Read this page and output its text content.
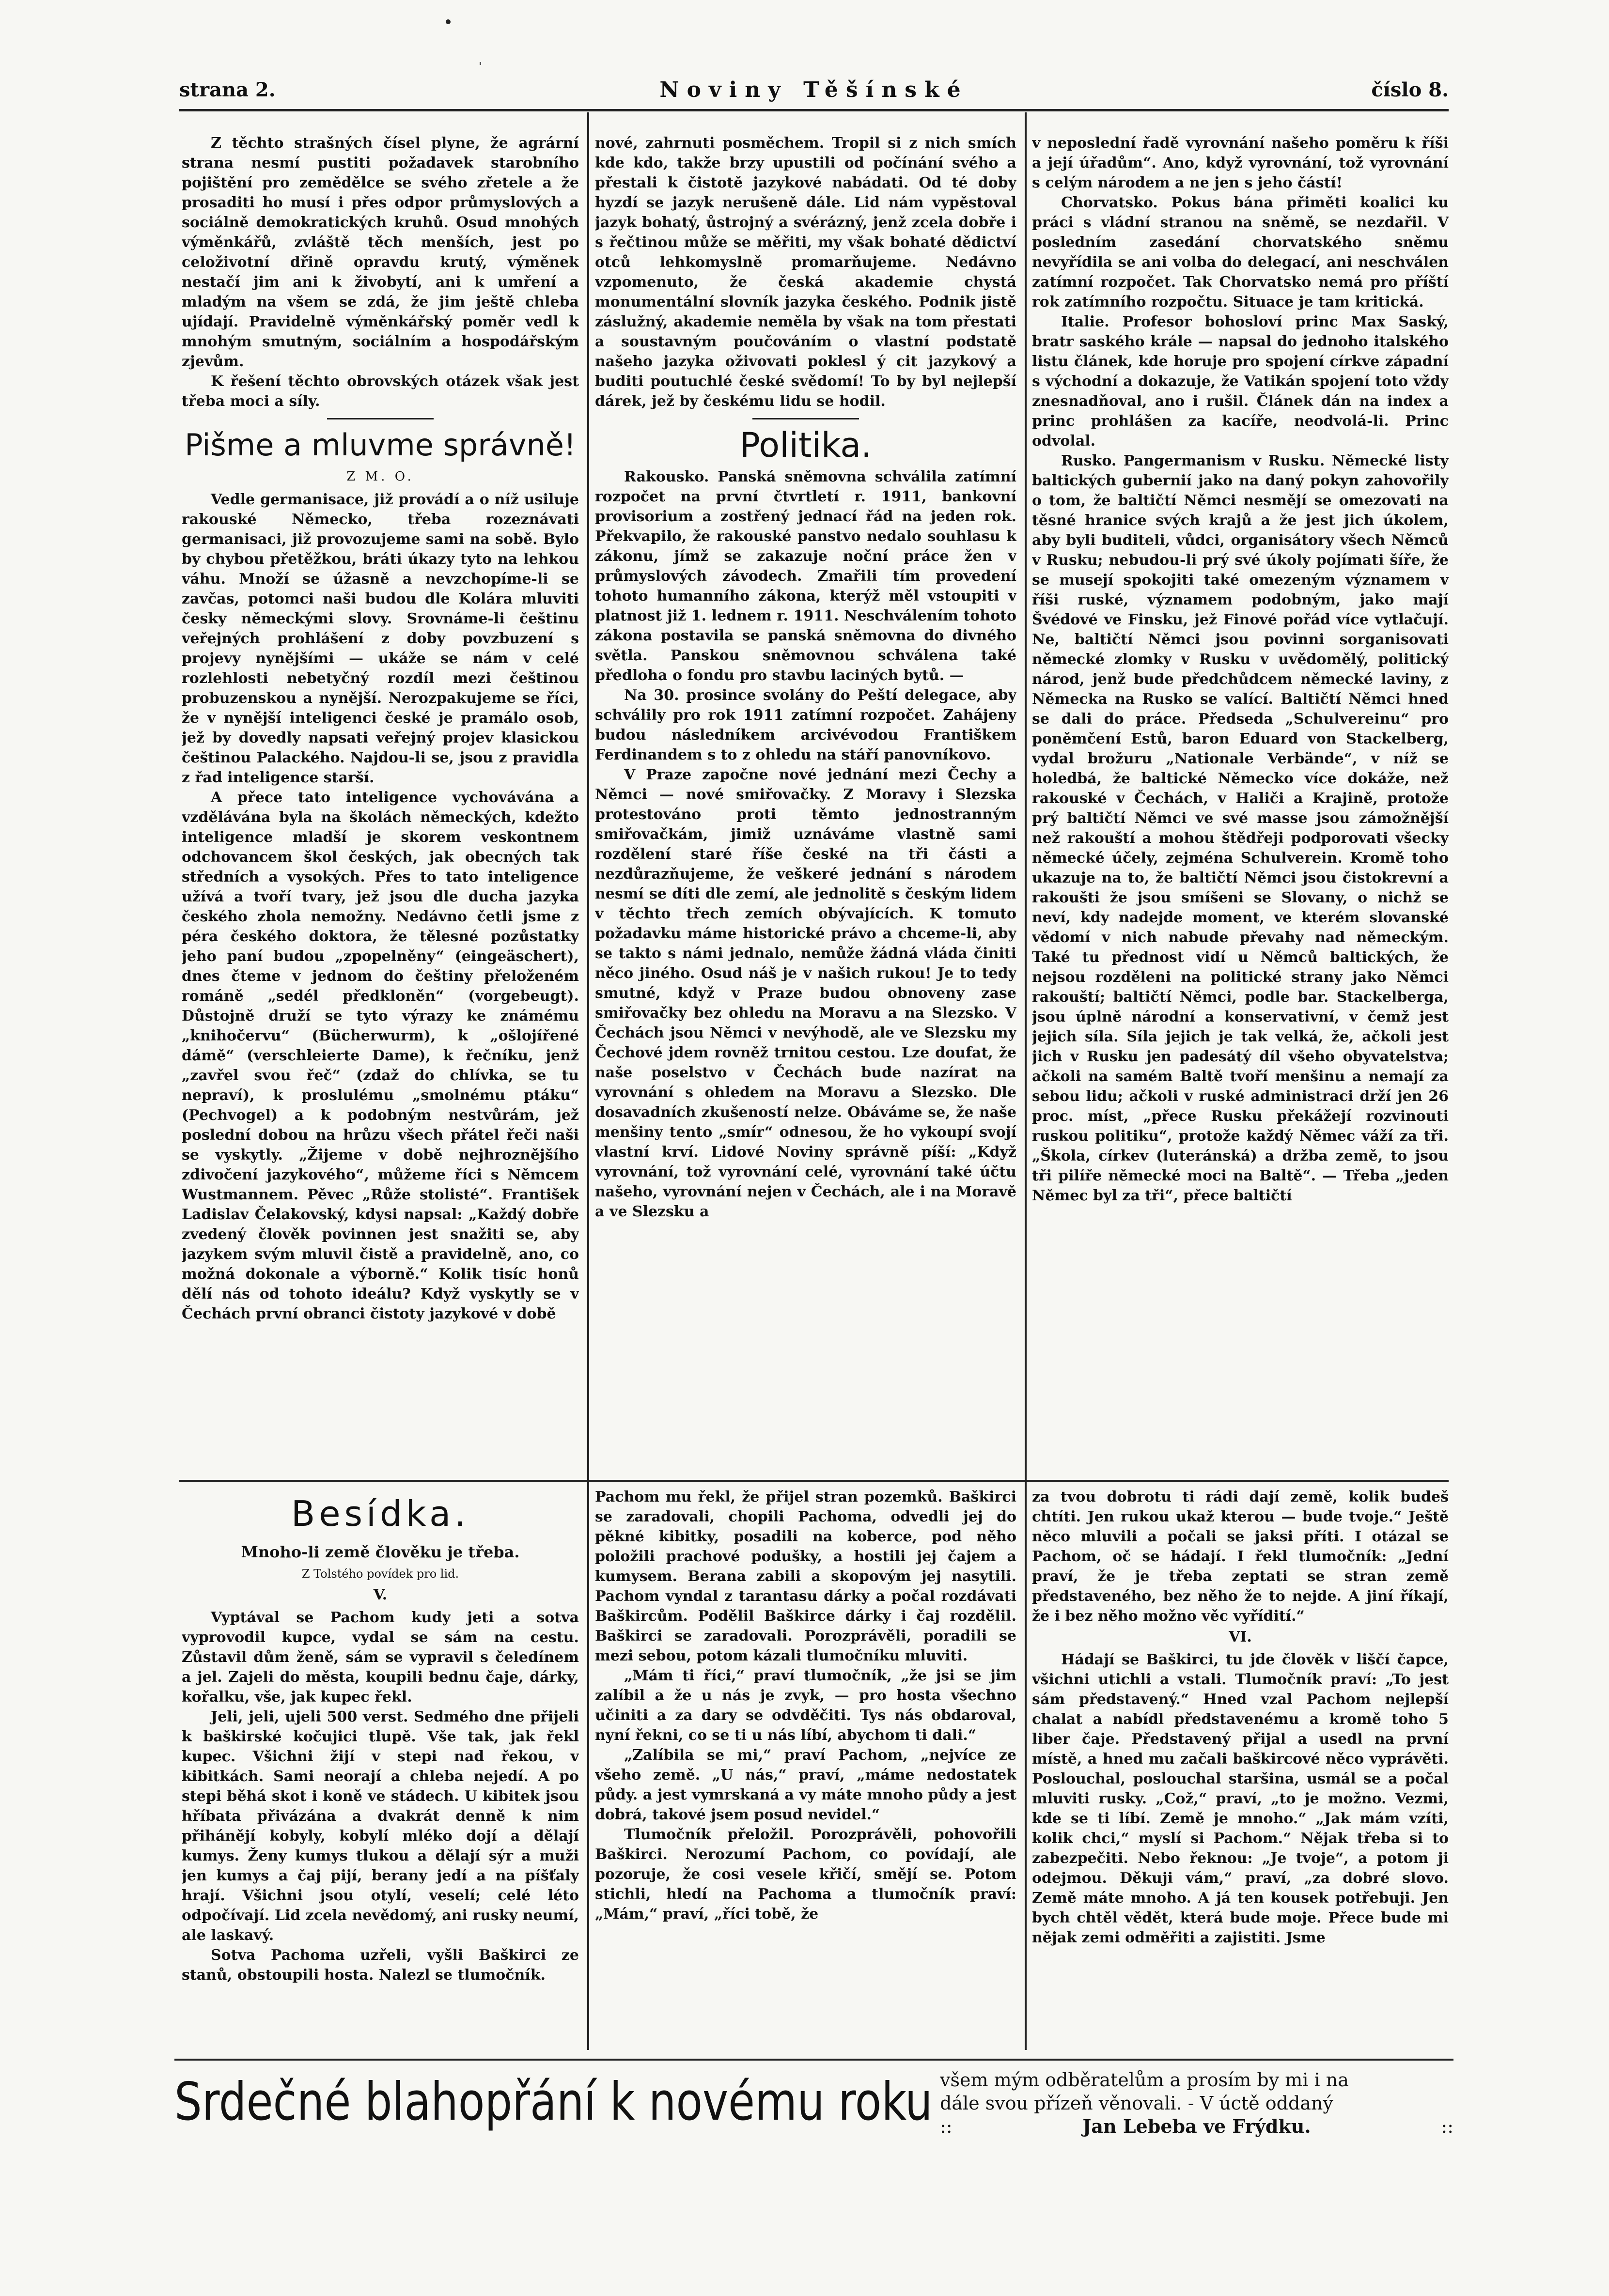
strana 2.	Noviny Těšínské	číslo 8.

Z těchto strašných čísel plyne, že agrární strana nesmí pustiti požadavek starobního pojištění pro zemědělce se svého zřetele a že prosaditi ho musí i přes odpor průmyslových a sociálně demokratických kruhů. Osud mnohých výměnkářů, zvláště těch menších, jest po celoživotní dřině opravdu krutý, výměnek nestačí jim ani k živobytí, ani k umření a mladým na všem se zdá, že jim ještě chleba ujídají. Pravidelně výměnkářský poměr vedl k mnohým smutným, sociálním a hospodářským zjevům.

K řešení těchto obrovských otázek však jest třeba moci a síly.

Pišme a mluvme správně!
Z M. O.

Vedle germanisace, již provádí a o níž usiluje rakouské Německo, třeba rozeznávati germanisaci, již provozujeme sami na sobě. Bylo by chybou přetěžkou, bráti úkazy tyto na lehkou váhu. Množí se úžasně a nevzchopíme-li se zavčas, potomci naši budou dle Kolára mluviti česky německými slovy. Srovnáme-li češtinu veřejných prohlášení z doby povzbuzení s projevy nynějšími — ukáže se nám v celé rozlehlosti nebetyčný rozdíl mezi češtinou probuzenskou a nynější. Nerozpakujeme se říci, že v nynější inteligenci české je pramálo osob, jež by dovedly napsati veřejný projev klasickou češtinou Palackého. Najdou-li se, jsou z pravidla z řad inteligence starší.

A přece tato inteligence vychovávána a vzdělávána byla na školách německých, kdežto inteligence mladší je skorem veskontnem odchovancem škol českých, jak obecných tak středních a vysokých. Přes to tato inteligence užívá a tvoří tvary, jež jsou dle ducha jazyka českého zhola nemožny. Nedávno četli jsme z péra českého doktora, že tělesné pozůstatky jeho paní budou „zpopelněny“ (eingeäschert), dnes čteme v jednom do češtiny přeloženém románě „sedél předkloněn“ (vorgebeugt). Důstojně druží se tyto výrazy ke známému „knihočervu“ (Bücherwurm), k „ošlojířené dámě“ (verschleierte Dame), k řečníku, jenž „zavřel svou řeč“ (zdaž do chlívka, se tu nepraví), k proslulému „smolnému ptáku“ (Pechvogel) a k podobným nestvůrám, jež poslední dobou na hrůzu všech přátel řeči naši se vyskytly. „Žijeme v době nejhroznějšího zdivočení jazykového“, můžeme říci s Němcem Wustmannem. Pěvec „Růže stolisté“. František Ladislav Čelakovský, kdysi napsal: „Každý dobře zvedený člověk povinnen jest snažiti se, aby jazykem svým mluvil čistě a pravidelně, ano, co možná dokonale a výborně.“ Kolik tisíc honů dělí nás od tohoto ideálu? Když vyskytly se v Čechách první obranci čistoty jazykové v době

nové, zahrnuti posměchem. Tropil si z nich smích kde kdo, takže brzy upustili od počínání svého a přestali k čistotě jazykové nabádati. Od té doby hyzdí se jazyk nerušeně dále. Lid nám vypěstoval jazyk bohatý, ůstrojný a svérázný, jenž zcela dobře i s řečtinou může se měřiti, my však bohaté dědictví otců lehkomyslně promarňujeme. Nedávno vzpomenuto, že česká akademie chystá monumentální slovník jazyka českého. Podnik jistě záslužný, akademie neměla by však na tom přestati a soustavným poučováním o vlastní podstatě našeho jazyka oživovati poklesl ý cit jazykový a buditi poutuchlé české svědomí! To by byl nejlepší dárek, jež by českému lidu se hodil.

Politika.

Rakousko. Panská sněmovna schválila zatímní rozpočet na první čtvrtletí r. 1911, bankovní provisorium a zostřený jednací řád na jeden rok. Překvapilo, že rakouské panstvo nedalo souhlasu k zákonu, jímž se zakazuje noční práce žen v průmyslových závodech. Zmařili tím provedení tohoto humanního zákona, kterýž měl vstoupiti v platnost již 1. lednem r. 1911. Neschválením tohoto zákona postavila se panská sněmovna do divného světla. Panskou sněmovnou schválena také předloha o fondu pro stavbu laciných bytů. —

Na 30. prosince svolány do Peští delegace, aby schválily pro rok 1911 zatímní rozpočet. Zahájeny budou následníkem arcivévodou Františkem Ferdinandem s to z ohledu na stáří panovníkovo.

V Praze započne nové jednání mezi Čechy a Němci — nové smiřovačky. Z Moravy i Slezska protestováno proti těmto jednostranným smiřovačkám, jimiž uznáváme vlastně sami rozdělení staré říše české na tři části a nezdůrazňujeme, že veškeré jednání s národem nesmí se díti dle zemí, ale jednolitě s českým lidem v těchto třech zemích obývajících. K tomuto požadavku máme historické právo a chceme-li, aby se takto s námi jednalo, nemůže žádná vláda činiti něco jiného. Osud náš je v našich rukou! Je to tedy smutné, když v Praze budou obnoveny zase smiřovačky bez ohledu na Moravu a na Slezsko. V Čechách jsou Němci v nevýhodě, ale ve Slezsku my Čechové jdem rovněž trnitou cestou. Lze doufat, že naše poselstvo v Čechách bude nazírat na vyrovnání s ohledem na Moravu a Slezsko. Dle dosavadních zkušeností nelze. Obáváme se, že naše menšiny tento „smír“ odnesou, že ho vykoupí svojí vlastní krví. Lidové Noviny správně píší: „Když vyrovnání, tož vyrovnání celé, vyrovnání také účtu našeho, vyrovnání nejen v Čechách, ale i na Moravě a ve Slezsku a

v neposlední řadě vyrovnání našeho poměru k říši a její úřadům“. Ano, když vyrovnání, tož vyrovnání s celým národem a ne jen s jeho částí!

Chorvatsko. Pokus bána přiměti koalici ku práci s vládní stranou na sněmě, se nezdařil. V posledním zasedání chorvatského sněmu nevyřídila se ani volba do delegací, ani neschválen zatímní rozpočet. Tak Chorvatsko nemá pro příští rok zatímního rozpočtu. Situace je tam kritická.

Italie. Profesor bohosloví princ Max Saský, bratr saského krále — napsal do jednoho italského listu článek, kde horuje pro spojení církve západní s východní a dokazuje, že Vatikán spojení toto vždy znesnadňoval, ano i rušil. Článek dán na index a princ prohlášen za kacíře, neodvolá-li. Princ odvolal.

Rusko. Pangermanism v Rusku. Německé listy baltických gubernií jako na daný pokyn zahovořily o tom, že baltičtí Němci nesmějí se omezovati na těsné hranice svých krajů a že jest jich úkolem, aby byli buditeli, vůdci, organisátory všech Němců v Rusku; nebudou-li prý své úkoly pojímati šíře, že se musejí spokojiti také omezeným významem v říši ruské, významem podobným, jako mají Švédové ve Finsku, jež Finové pořád více vytlačují. Ne, baltičtí Němci jsou povinni sorganisovati německé zlomky v Rusku v uvědomělý, politický národ, jenž bude předchůdcem německé laviny, z Německa na Rusko se valící. Baltičtí Němci hned se dali do práce. Předseda „Schulvereinu“ pro poněmčení Estů, baron Eduard von Stackelberg, vydal brožuru „Nationale Verbände“, v níž se holedbá, že baltické Německo více dokáže, než rakouské v Čechách, v Haliči a Krajině, protože prý baltičtí Němci ve své masse jsou zámožnější než rakouští a mohou štědřeji podporovati všecky německé účely, zejména Schulverein. Kromě toho ukazuje na to, že baltičtí Němci jsou čistokrevní a rakoušti že jsou smíšeni se Slovany, o nichž se neví, kdy nadejde moment, ve kterém slovanské vědomí v nich nabude převahy nad německým. Také tu přednost vidí u Němců baltických, že nejsou rozděleni na politické strany jako Němci rakouští; baltičtí Němci, podle bar. Stackelberga, jsou úplně národní a konservativní, v čemž jest jejich síla. Síla jejich je tak velká, že, ačkoli jest jich v Rusku jen padesátý díl všeho obyvatelstva; ačkoli na samém Baltě tvoří menšinu a nemají za sebou lidu; ačkoli v ruské administraci drží jen 26 proc. míst, „přece Rusku překážejí rozvinouti ruskou politiku“, protože každý Němec váží za tři. „Škola, církev (luteránská) a držba země, to jsou tři pilíře německé moci na Baltě“. — Třeba „jeden Němec byl za tři“, přece baltičtí

Besídka.
Mnoho-li země člověku je třeba.
Z Tolstého povídek pro lid.
V.

Vyptával se Pachom kudy jeti a sotva vyprovodil kupce, vydal se sám na cestu. Zůstavil dům ženě, sám se vypravil s čeledínem a jel. Zajeli do města, koupili bednu čaje, dárky, kořalku, vše, jak kupec řekl.

Jeli, jeli, ujeli 500 verst. Sedmého dne přijeli k baškirské kočujici tlupě. Vše tak, jak řekl kupec. Všichni žijí v stepi nad řekou, v kibitkách. Sami neorají a chleba nejedí. A po stepi běhá skot i koně ve stádech. U kibitek jsou hříbata přivázána a dvakrát denně k nim přihánějí kobyly, kobylí mléko dojí a dělají kumys. Ženy kumys tlukou a dělají sýr a muži jen kumys a čaj pijí, berany jedí a na píšťaly hrají. Všichni jsou otylí, veselí; celé léto odpočívají. Lid zcela nevědomý, ani rusky neumí, ale laskavý.

Sotva Pachoma uzřeli, vyšli Baškirci ze stanů, obstoupili hosta. Nalezl se tlumočník.

Pachom mu řekl, že přijel stran pozemků. Baškirci se zaradovali, chopili Pachoma, odvedli jej do pěkné kibitky, posadili na koberce, pod něho položili prachové podušky, a hostili jej čajem a kumysem. Berana zabili a skopovým jej nasytili. Pachom vyndal z tarantasu dárky a počal rozdávati Baškircům. Podělil Baškirce dárky i čaj rozdělil. Baškirci se zaradovali. Porozprávěli, poradili se mezi sebou, potom kázali tlumočníku mluviti.

„Mám ti říci,“ praví tlumočník, „že jsi se jim zalíbil a že u nás je zvyk, — pro hosta všechno učiniti a za dary se odvděčiti. Tys nás obdaroval, nyní řekni, co se ti u nás líbí, abychom ti dali.“

„Zalíbila se mi,“ praví Pachom, „nejvíce ze všeho země. „U nás,“ praví, „máme nedostatek půdy. a jest vymrskaná a vy máte mnoho půdy a jest dobrá, takové jsem posud nevidel.“

Tlumočník přeložil. Porozprávěli, pohovořili Baškirci. Nerozumí Pachom, co povídají, ale pozoruje, že cosi vesele křičí, smějí se. Potom stichli, hledí na Pachoma a tlumočník praví: „Mám,“ praví, „říci tobě, že

za tvou dobrotu ti rádi dají země, kolik budeš chtíti. Jen rukou ukaž kterou — bude tvoje.“ Ještě něco mluvili a počali se jaksi příti. I otázal se Pachom, oč se hádají. I řekl tlumočník: „Jední praví, že je třeba zeptati se stran země představeného, bez něho že to nejde. A jiní říkají, že i bez něho možno věc vyřídití.“

VI.

Hádají se Baškirci, tu jde člověk v liščí čapce, všichni utichli a vstali. Tlumočník praví: „To jest sám představený.“ Hned vzal Pachom nejlepší chalat a nabídl představenému a kromě toho 5 liber čaje. Představený přijal a usedl na první místě, a hned mu začali baškircové něco vyprávěti. Poslouchal, poslouchal staršina, usmál se a počal mluviti rusky. „Což,“ praví, „to je možno. Vezmi, kde se ti líbí. Země je mnoho.“ „Jak mám vzíti, kolik chci,“ myslí si Pachom.“ Nějak třeba si to zabezpečiti. Nebo řeknou: „Je tvoje“, a potom ji odejmou. Děkuji vám,“ praví, „za dobré slovo. Země máte mnoho. A já ten kousek potřebuji. Jen bych chtěl vědět, která bude moje. Přece bude mi nějak zemi odměřiti a zajistiti. Jsme

Srdečné blahopřání k novému roku všem mým odběratelům a prosím by mi i na
dále svou přízeň věnovali. - V úctě oddaný
::	Jan Lebeba ve Frýdku.	::
